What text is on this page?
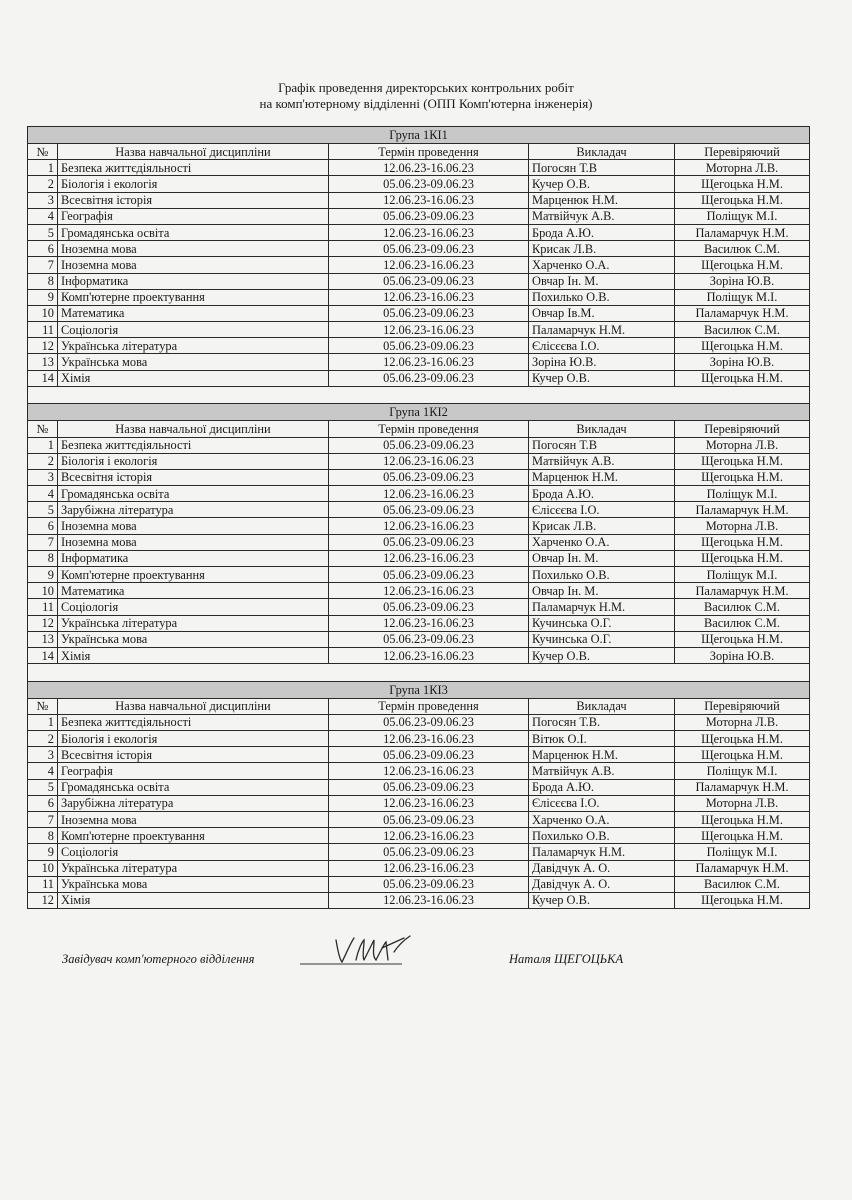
Графік проведення директорських контрольних робіт
на комп'ютерному відділенні (ОПП Комп'ютерна інженерія)
Група 1КІ1				
№	Назва навчальної дисципліни	Термін проведення	Викладач	Перевіряючий
1	Безпека життєдіяльності	12.06.23-16.06.23	Погосян Т.В	Моторна Л.В.
2	Біологія і екологія	05.06.23-09.06.23	Кучер О.В.	Щегоцька Н.М.
3	Всесвітня історія	12.06.23-16.06.23	Марценюк Н.М.	Щегоцька Н.М.
4	Географія	05.06.23-09.06.23	Матвійчук А.В.	Поліщук М.І.
5	Громадянська освіта	12.06.23-16.06.23	Брода А.Ю.	Паламарчук Н.М.
6	Іноземна мова	05.06.23-09.06.23	Крисак Л.В.	Василюк С.М.
7	Іноземна мова	12.06.23-16.06.23	Харченко О.А.	Щегоцька Н.М.
8	Інформатика	05.06.23-09.06.23	Овчар Ін. М.	Зоріна Ю.В.
9	Комп'ютерне проектування	12.06.23-16.06.23	Похилько О.В.	Поліщук М.І.
10	Математика	05.06.23-09.06.23	Овчар Ів.М.	Паламарчук Н.М.
11	Соціологія	12.06.23-16.06.23	Паламарчук Н.М.	Василюк С.М.
12	Українська література	05.06.23-09.06.23	Єлісєєва І.О.	Щегоцька Н.М.
13	Українська мова	12.06.23-16.06.23	Зоріна Ю.В.	Зоріна Ю.В.
14	Хімія	05.06.23-09.06.23	Кучер О.В.	Щегоцька Н.М.

Група 1КІ2				
№	Назва навчальної дисципліни	Термін проведення	Викладач	Перевіряючий
1	Безпека життєдіяльності	05.06.23-09.06.23	Погосян Т.В	Моторна Л.В.
2	Біологія і екологія	12.06.23-16.06.23	Матвійчук А.В.	Щегоцька Н.М.
3	Всесвітня історія	05.06.23-09.06.23	Марценюк Н.М.	Щегоцька Н.М.
4	Громадянська освіта	12.06.23-16.06.23	Брода А.Ю.	Поліщук М.І.
5	Зарубіжна література	05.06.23-09.06.23	Єлісєєва І.О.	Паламарчук Н.М.
6	Іноземна мова	12.06.23-16.06.23	Крисак Л.В.	Моторна Л.В.
7	Іноземна мова	05.06.23-09.06.23	Харченко О.А.	Щегоцька Н.М.
8	Інформатика	12.06.23-16.06.23	Овчар Ін. М.	Щегоцька Н.М.
9	Комп'ютерне проектування	05.06.23-09.06.23	Похилько О.В.	Поліщук М.І.
10	Математика	12.06.23-16.06.23	Овчар Ін. М.	Паламарчук Н.М.
11	Соціологія	05.06.23-09.06.23	Паламарчук Н.М.	Василюк С.М.
12	Українська література	12.06.23-16.06.23	Кучинська О.Г.	Василюк С.М.
13	Українська мова	05.06.23-09.06.23	Кучинська О.Г.	Щегоцька Н.М.
14	Хімія	12.06.23-16.06.23	Кучер О.В.	Зоріна Ю.В.

Група 1КІ3				
№	Назва навчальної дисципліни	Термін проведення	Викладач	Перевіряючий
1	Безпека життєдіяльності	05.06.23-09.06.23	Погосян Т.В.	Моторна Л.В.
2	Біологія і екологія	12.06.23-16.06.23	Вітюк О.І.	Щегоцька Н.М.
3	Всесвітня історія	05.06.23-09.06.23	Марценюк Н.М.	Щегоцька Н.М.
4	Географія	12.06.23-16.06.23	Матвійчук А.В.	Поліщук М.І.
5	Громадянська освіта	05.06.23-09.06.23	Брода А.Ю.	Паламарчук Н.М.
6	Зарубіжна література	12.06.23-16.06.23	Єлісєєва І.О.	Моторна Л.В.
7	Іноземна мова	05.06.23-09.06.23	Харченко О.А.	Щегоцька Н.М.
8	Комп'ютерне проектування	12.06.23-16.06.23	Похилько О.В.	Щегоцька Н.М.
9	Соціологія	05.06.23-09.06.23	Паламарчук Н.М.	Поліщук М.І.
10	Українська література	12.06.23-16.06.23	Давідчук А. О.	Паламарчук Н.М.
11	Українська мова	05.06.23-09.06.23	Давідчук А. О.	Василюк С.М.
12	Хімія	12.06.23-16.06.23	Кучер О.В.	Щегоцька Н.М.
Завідувач комп'ютерного відділення	Наталя ЩЕГОЦЬКА
